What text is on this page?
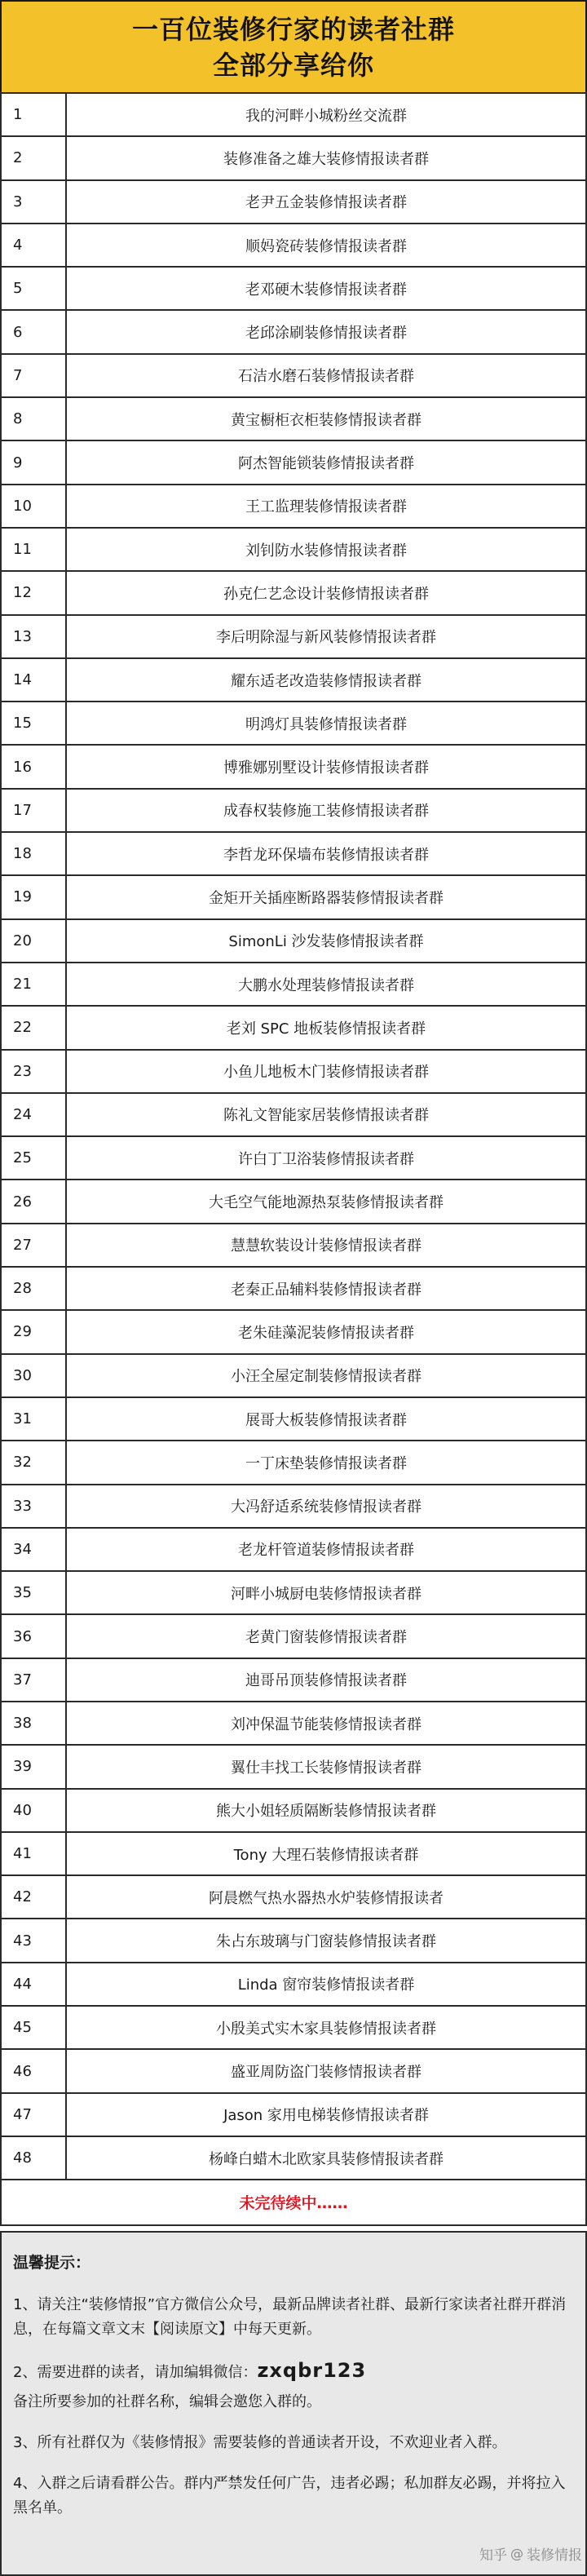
一百位装修行家的读者社群
全部分享给你
1	我的河畔小城粉丝交流群
2	装修准备之雄大装修情报读者群
3	老尹五金装修情报读者群
4	顺妈瓷砖装修情报读者群
5	老邓硬木装修情报读者群
6	老邱涂刷装修情报读者群
7	石洁水磨石装修情报读者群
8	黄宝橱柜衣柜装修情报读者群
9	阿杰智能锁装修情报读者群
10	王工监理装修情报读者群
11	刘钊防水装修情报读者群
12	孙克仁艺念设计装修情报读者群
13	李后明除湿与新风装修情报读者群
14	耀东适老改造装修情报读者群
15	明鸿灯具装修情报读者群
16	博雅娜别墅设计装修情报读者群
17	成春权装修施工装修情报读者群
18	李哲龙环保墙布装修情报读者群
19	金矩开关插座断路器装修情报读者群
20	SimonLi 沙发装修情报读者群
21	大鹏水处理装修情报读者群
22	老刘 SPC 地板装修情报读者群
23	小鱼儿地板木门装修情报读者群
24	陈礼文智能家居装修情报读者群
25	许白丁卫浴装修情报读者群
26	大毛空气能地源热泵装修情报读者群
27	慧慧软装设计装修情报读者群
28	老秦正品辅料装修情报读者群
29	老朱硅藻泥装修情报读者群
30	小汪全屋定制装修情报读者群
31	展哥大板装修情报读者群
32	一丁床垫装修情报读者群
33	大冯舒适系统装修情报读者群
34	老龙杆管道装修情报读者群
35	河畔小城厨电装修情报读者群
36	老黄门窗装修情报读者群
37	迪哥吊顶装修情报读者群
38	刘冲保温节能装修情报读者群
39	翼仕丰找工长装修情报读者群
40	熊大小姐轻质隔断装修情报读者群
41	Tony 大理石装修情报读者群
42	阿晨燃气热水器热水炉装修情报读者
43	朱占东玻璃与门窗装修情报读者群
44	Linda 窗帘装修情报读者群
45	小殷美式实木家具装修情报读者群
46	盛亚周防盗门装修情报读者群
47	Jason 家用电梯装修情报读者群
48	杨峰白蜡木北欧家具装修情报读者群
未完待续中……
温馨提示：

1、请关注“装修情报”官方微信公众号，最新品牌读者社群、最新行家读者社群开群消息，在每篇文章文末【阅读原文】中每天更新。

2、需要进群的读者，请加编辑微信：zxqbr123

备注所要参加的社群名称，编辑会邀您入群的。

3、所有社群仅为《装修情报》需要装修的普通读者开设，不欢迎业者入群。

4、入群之后请看群公告。群内严禁发任何广告，违者必踢；私加群友必踢，并将拉入黑名单。

知乎 @ 装修情报
